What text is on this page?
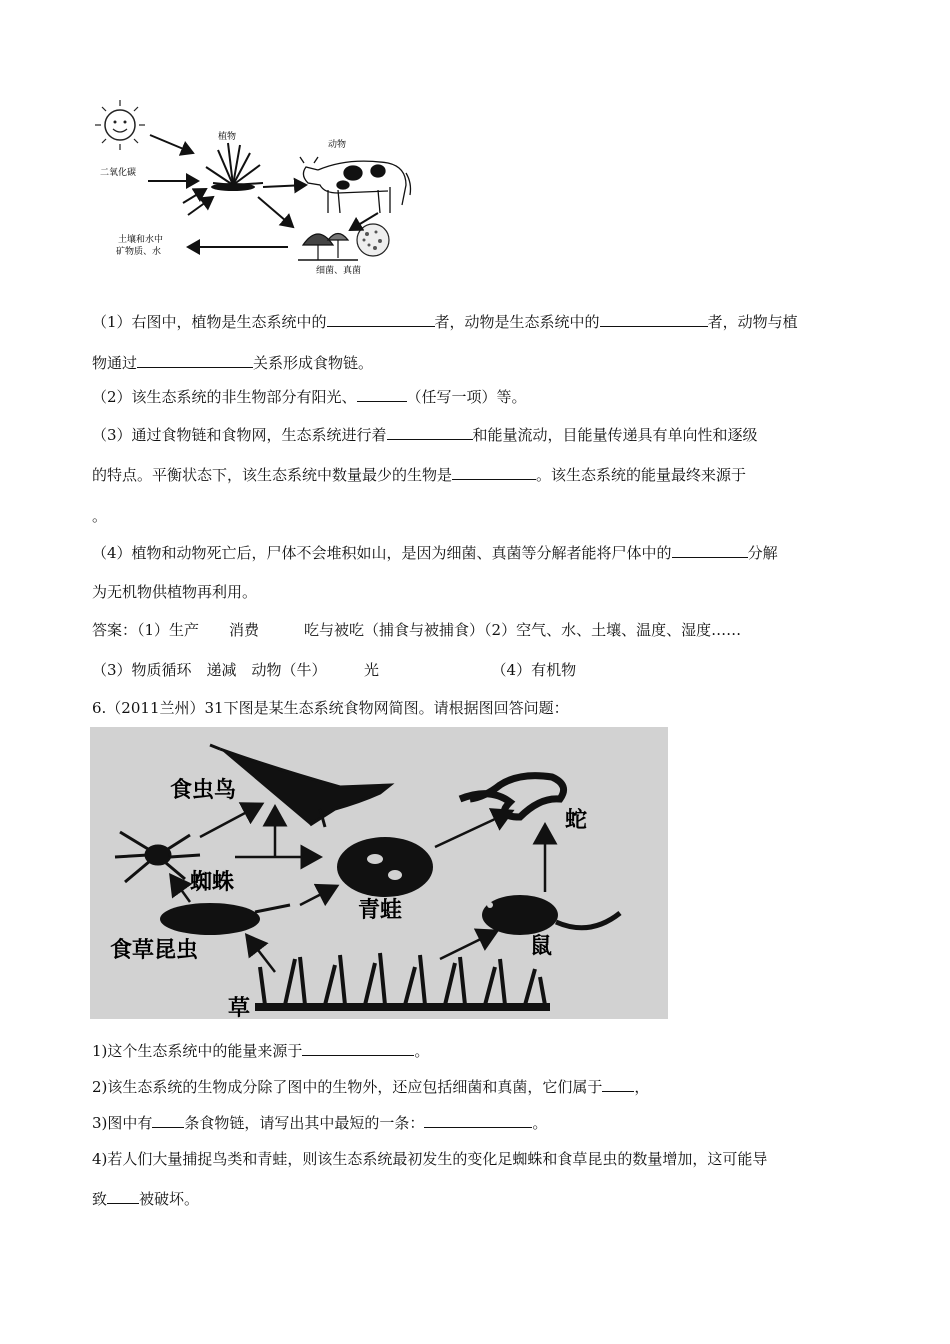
植物
动物
细菌、真菌
二氧化碳
土壤和水中
矿物质、水
（1）右图中，植物是生态系统中的	者，动物是生态系统中的	者，动物与植
物通过	关系形成食物链。
（2）该生态系统的非生物部分有阳光、	（任写一项）等。
（3）通过食物链和食物网，生态系统进行着	和能量流动，目能量传递具有单向性和逐级
的特点。平衡状态下，该生态系统中数量最少的生物是	。该生态系统的能量最终来源于
。
（4）植物和动物死亡后，尸体不会堆积如山，是因为细菌、真菌等分解者能将尸体中的	分解
为无机物供植物再利用。
答案：（1）生产　　消费　　　吃与被吃（捕食与被捕食）（2）空气、水、土壤、温度、湿度……
（3）物质循环　递减　动物（牛）　　　光　　　　　　　　（4）有机物
6.（2011兰州）31下图是某生态系统食物网简图。请根据图回答问题：
食虫鸟
蛇
蜘蛛
青蛙
食草昆虫	鼠
草
1)这个生态系统中的能量来源于	。
2)该生态系统的生物成分除了图中的生物外，还应包括细菌和真菌，它们属于 ，
3)图中有 条食物链，请写出其中最短的一条：	。
4)若人们大量捕捉鸟类和青蛙，则该生态系统最初发生的变化足蜘蛛和食草昆虫的数量增加，这可能导
致 被破坏。
